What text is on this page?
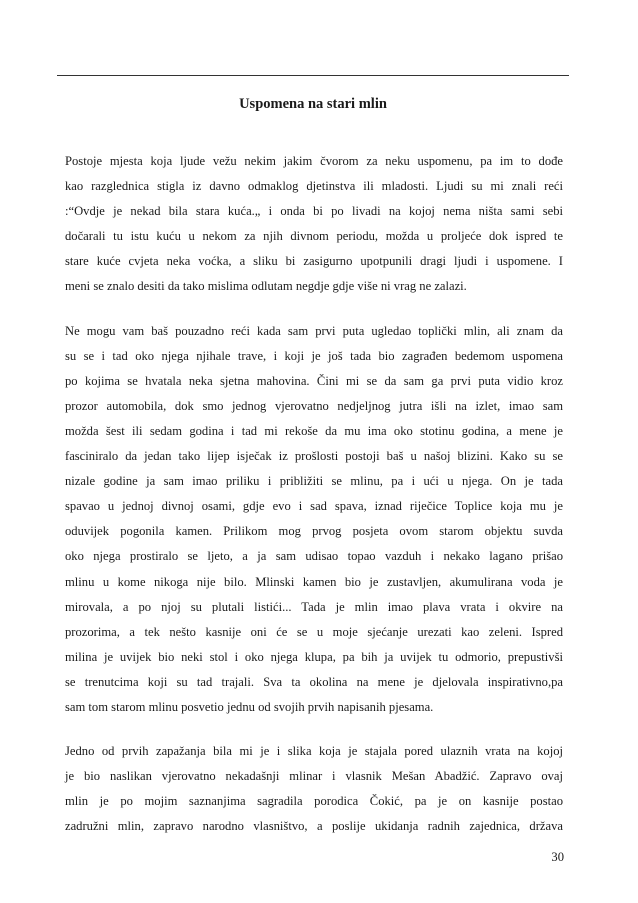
Uspomena na stari mlin

Postoje mjesta koja ljude vežu nekim jakim čvorom za neku uspomenu, pa im to dođe
kao razglednica stigla iz davno odmaklog djetinstva ili mladosti. Ljudi su mi znali reći
:“Ovdje je nekad bila stara kuća.„ i onda bi po livadi na kojoj nema ništa sami sebi
dočarali tu istu kuću u nekom za njih divnom periodu, možda u proljeće dok ispred te
stare kuće cvjeta neka voćka, a sliku bi zasigurno upotpunili dragi ljudi i uspomene. I
meni se znalo desiti da tako mislima odlutam negdje gdje više ni vrag ne zalazi.

Ne mogu vam baš pouzadno reći kada sam prvi puta ugledao toplički mlin, ali znam da
su se i tad oko njega njihale trave, i koji je još tada bio zagrađen bedemom uspomena
po kojima se hvatala neka sjetna mahovina. Čini mi se da sam ga prvi puta vidio kroz
prozor automobila, dok smo jednog vjerovatno nedjeljnog jutra išli na izlet, imao sam
možda šest ili sedam godina i tad mi rekoše da mu ima oko stotinu godina, a mene je
fasciniralo da jedan tako lijep isječak iz prošlosti postoji baš u našoj blizini. Kako su se
nizale godine ja sam imao priliku i približiti se mlinu, pa i ući u njega. On je tada
spavao u jednoj divnoj osami, gdje evo i sad spava, iznad riječice Toplice koja mu je
oduvijek pogonila kamen. Prilikom mog prvog posjeta ovom starom objektu suvda
oko njega prostiralo se ljeto, a ja sam udisao topao vazduh i nekako lagano prišao
mlinu u kome nikoga nije bilo. Mlinski kamen bio je zustavljen, akumulirana voda je
mirovala, a po njoj su plutali listići... Tada je mlin imao plava vrata i okvire na
prozorima, a tek nešto kasnije oni će se u moje sjećanje urezati kao zeleni. Ispred
milina je uvijek bio neki stol i oko njega klupa, pa bih ja uvijek tu odmorio, prepustivši
se trenutcima koji su tad trajali. Sva ta okolina na mene je djelovala inspirativno,pa
sam tom starom mlinu posvetio jednu od svojih prvih napisanih pjesama.

Jedno od prvih zapažanja bila mi je i slika koja je stajala pored ulaznih vrata na kojoj
je bio naslikan vjerovatno nekadašnji mlinar i vlasnik Mešan Abadžić. Zapravo ovaj
mlin je po mojim saznanjima sagradila porodica Čokić, pa je on kasnije postao
zadružni mlin, zapravo narodno vlasništvo, a poslije ukidanja radnih zajednica, država

30
